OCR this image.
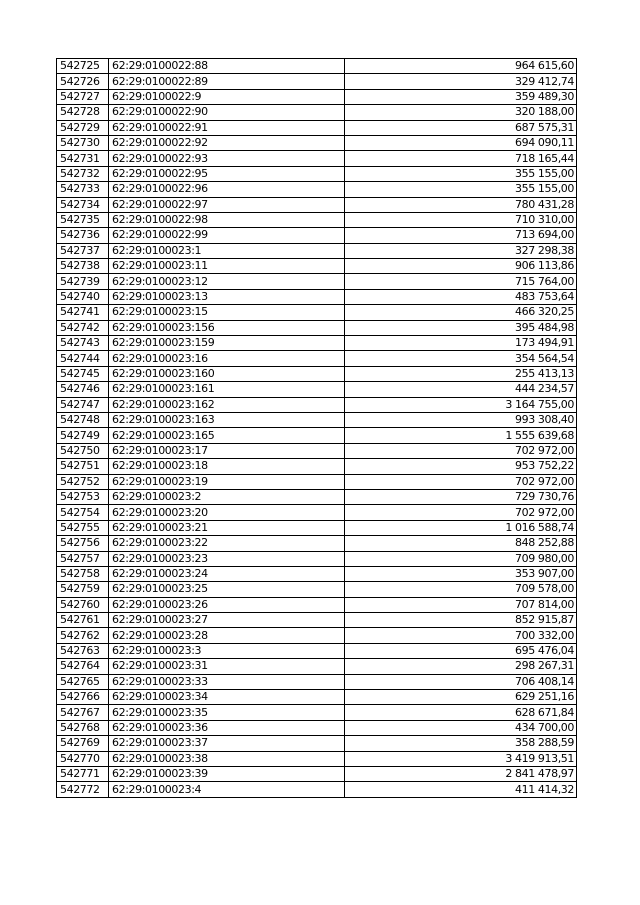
542725	62:29:0100022:88	964 615,60
542726	62:29:0100022:89	329 412,74
542727	62:29:0100022:9	359 489,30
542728	62:29:0100022:90	320 188,00
542729	62:29:0100022:91	687 575,31
542730	62:29:0100022:92	694 090,11
542731	62:29:0100022:93	718 165,44
542732	62:29:0100022:95	355 155,00
542733	62:29:0100022:96	355 155,00
542734	62:29:0100022:97	780 431,28
542735	62:29:0100022:98	710 310,00
542736	62:29:0100022:99	713 694,00
542737	62:29:0100023:1	327 298,38
542738	62:29:0100023:11	906 113,86
542739	62:29:0100023:12	715 764,00
542740	62:29:0100023:13	483 753,64
542741	62:29:0100023:15	466 320,25
542742	62:29:0100023:156	395 484,98
542743	62:29:0100023:159	173 494,91
542744	62:29:0100023:16	354 564,54
542745	62:29:0100023:160	255 413,13
542746	62:29:0100023:161	444 234,57
542747	62:29:0100023:162	3 164 755,00
542748	62:29:0100023:163	993 308,40
542749	62:29:0100023:165	1 555 639,68
542750	62:29:0100023:17	702 972,00
542751	62:29:0100023:18	953 752,22
542752	62:29:0100023:19	702 972,00
542753	62:29:0100023:2	729 730,76
542754	62:29:0100023:20	702 972,00
542755	62:29:0100023:21	1 016 588,74
542756	62:29:0100023:22	848 252,88
542757	62:29:0100023:23	709 980,00
542758	62:29:0100023:24	353 907,00
542759	62:29:0100023:25	709 578,00
542760	62:29:0100023:26	707 814,00
542761	62:29:0100023:27	852 915,87
542762	62:29:0100023:28	700 332,00
542763	62:29:0100023:3	695 476,04
542764	62:29:0100023:31	298 267,31
542765	62:29:0100023:33	706 408,14
542766	62:29:0100023:34	629 251,16
542767	62:29:0100023:35	628 671,84
542768	62:29:0100023:36	434 700,00
542769	62:29:0100023:37	358 288,59
542770	62:29:0100023:38	3 419 913,51
542771	62:29:0100023:39	2 841 478,97
542772	62:29:0100023:4	411 414,32
